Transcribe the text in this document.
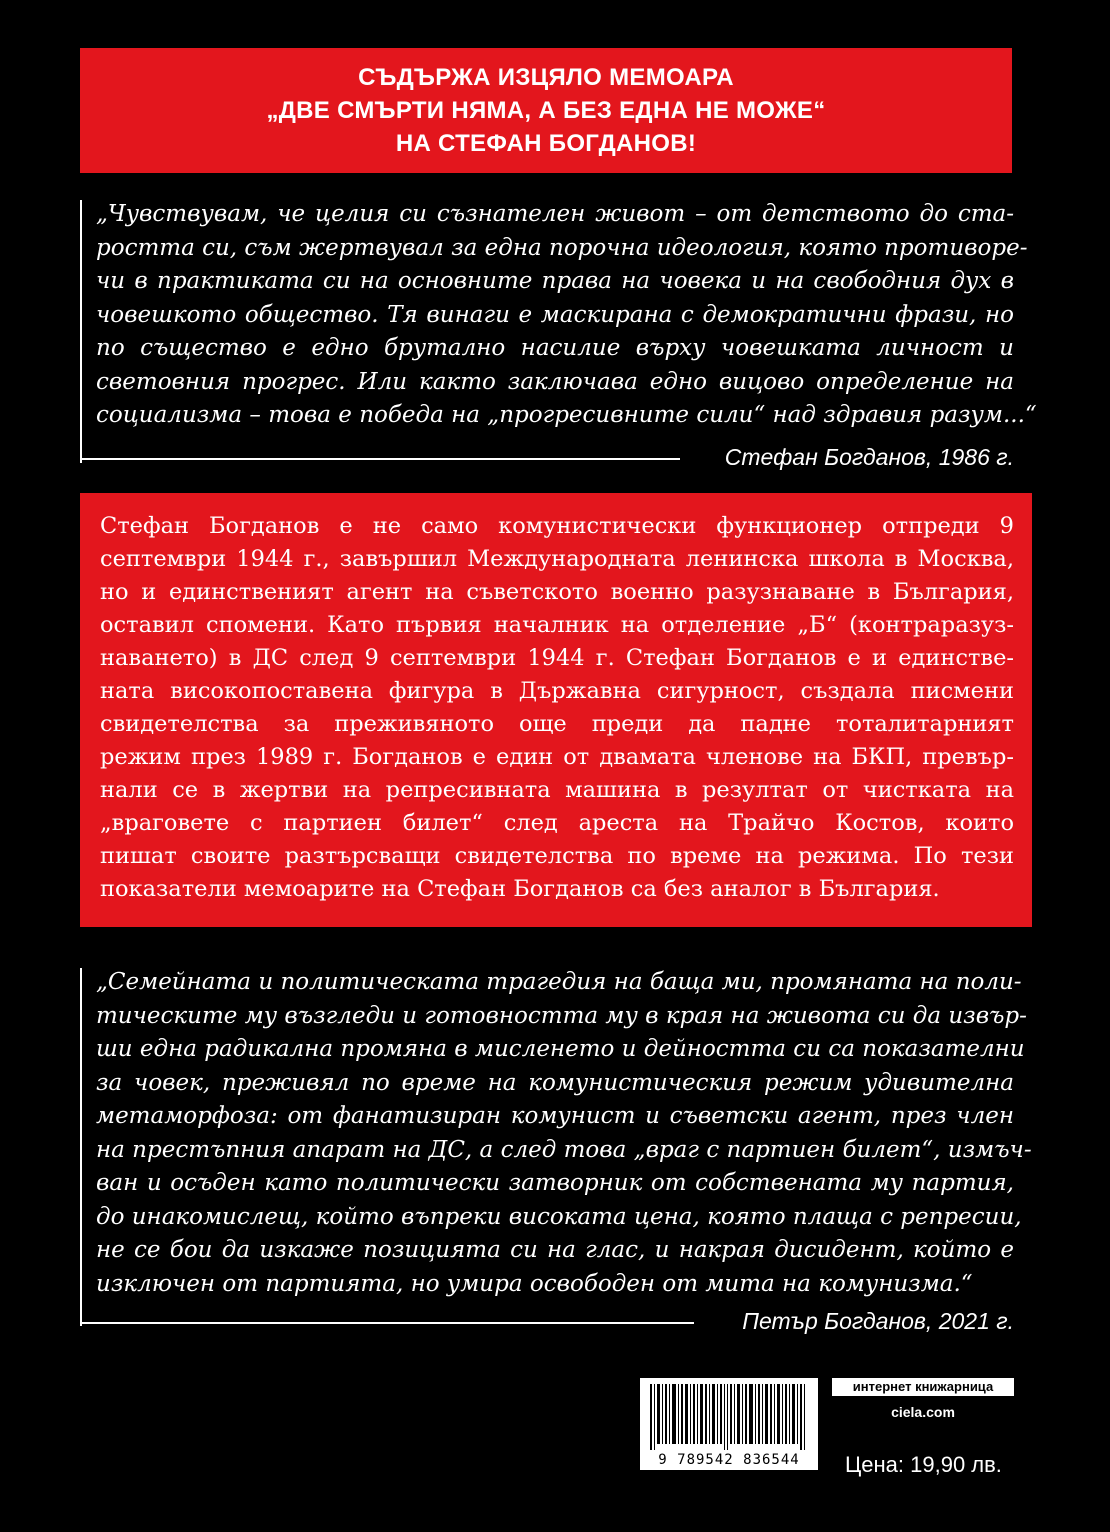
СЪДЪРЖА ИЗЦЯЛО МЕМОАРА
„ДВЕ СМЪРТИ НЯМА, А БЕЗ ЕДНА НЕ МОЖЕ“
НА СТЕФАН БОГДАНОВ!
„Чувствувам, че целия си съзнателен живот – от детството до ста-
ростта си, съм жертвувал за една порочна идеология, която противоре-
чи в практиката си на основните права на човека и на свободния дух в
човешкото общество. Тя винаги е маскирана с демократични фрази, но
по същество е едно брутално насилие върху човешката личност и
световния прогрес. Или както заключава едно вицово определение на
социализма – това е победа на „прогресивните сили“ над здравия разум...“
Стефан Богданов, 1986 г.
Стефан Богданов е не само комунистически функционер отпреди 9
септември 1944 г., завършил Международната ленинска школа в Москва,
но и единственият агент на съветското военно разузнаване в България,
оставил спомени. Като първия началник на отделение „Б“ (контраразуз-
наването) в ДС след 9 септември 1944 г. Стефан Богданов е и единстве-
ната високопоставена фигура в Държавна сигурност, създала писмени
свидетелства за преживяното още преди да падне тоталитарният
режим през 1989 г. Богданов е един от двамата членове на БКП, превър-
нали се в жертви на репресивната машина в резултат от чистката на
„враговете с партиен билет“ след ареста на Трайчо Костов, които
пишат своите разтърсващи свидетелства по време на режима. По тези
показатели мемоарите на Стефан Богданов са без аналог в България.
„Семейната и политическата трагедия на баща ми, промяната на поли-
тическите му възгледи и готовността му в края на живота си да извър-
ши една радикална промяна в мисленето и дейността си са показателни
за човек, преживял по време на комунистическия режим удивителна
метаморфоза: от фанатизиран комунист и съветски агент, през член
на престъпния апарат на ДС, а след това „враг с партиен билет“, измъч-
ван и осъден като политически затворник от собствената му партия,
до инакомислещ, който въпреки високата цена, която плаща с репресии,
не се бои да изкаже позицията си на глас, и накрая дисидент, който е
изключен от партията, но умира освободен от мита на комунизма.“
Петър Богданов, 2021 г.
9 789542 836544
интернет книжарница
ciela.com
Цена: 19,90 лв.
